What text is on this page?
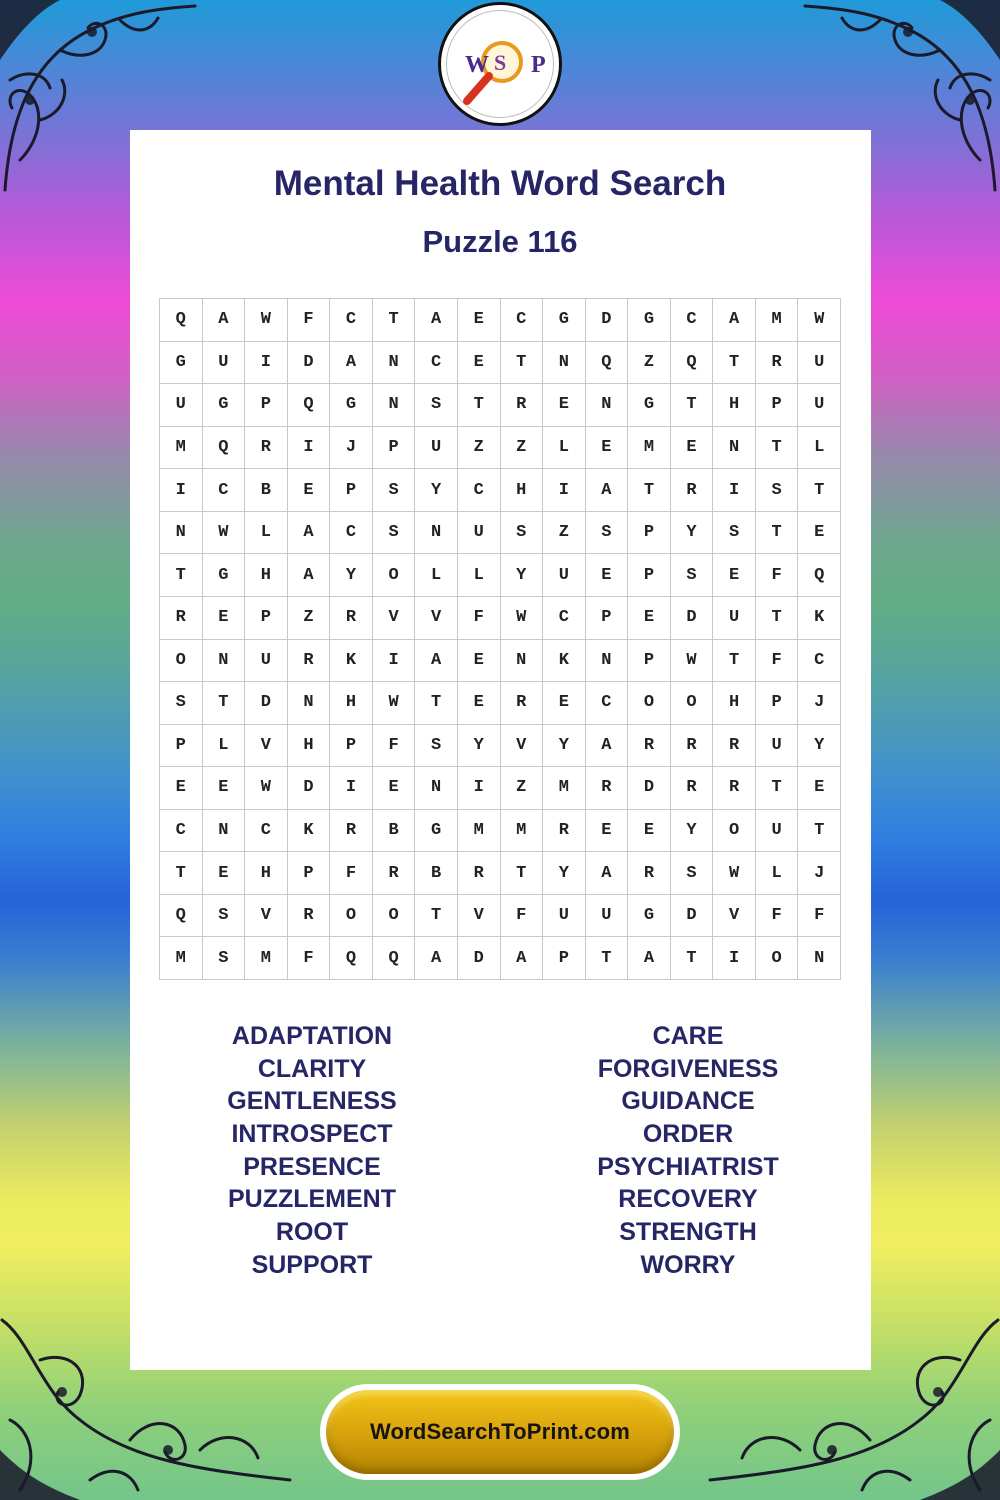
W S P
Mental Health Word Search
Puzzle 116
Q	A	W	F	C	T	A	E	C	G	D	G	C	A	M	W
G	U	I	D	A	N	C	E	T	N	Q	Z	Q	T	R	U
U	G	P	Q	G	N	S	T	R	E	N	G	T	H	P	U
M	Q	R	I	J	P	U	Z	Z	L	E	M	E	N	T	L
I	C	B	E	P	S	Y	C	H	I	A	T	R	I	S	T
N	W	L	A	C	S	N	U	S	Z	S	P	Y	S	T	E
T	G	H	A	Y	O	L	L	Y	U	E	P	S	E	F	Q
R	E	P	Z	R	V	V	F	W	C	P	E	D	U	T	K
O	N	U	R	K	I	A	E	N	K	N	P	W	T	F	C
S	T	D	N	H	W	T	E	R	E	C	O	O	H	P	J
P	L	V	H	P	F	S	Y	V	Y	A	R	R	R	U	Y
E	E	W	D	I	E	N	I	Z	M	R	D	R	R	T	E
C	N	C	K	R	B	G	M	M	R	E	E	Y	O	U	T
T	E	H	P	F	R	B	R	T	Y	A	R	S	W	L	J
Q	S	V	R	O	O	T	V	F	U	U	G	D	V	F	F
M	S	M	F	Q	Q	A	D	A	P	T	A	T	I	O	N
ADAPTATION
CLARITY
GENTLENESS
INTROSPECT
PRESENCE
PUZZLEMENT
ROOT
SUPPORT
CARE
FORGIVENESS
GUIDANCE
ORDER
PSYCHIATRIST
RECOVERY
STRENGTH
WORRY
WordSearchToPrint.com
